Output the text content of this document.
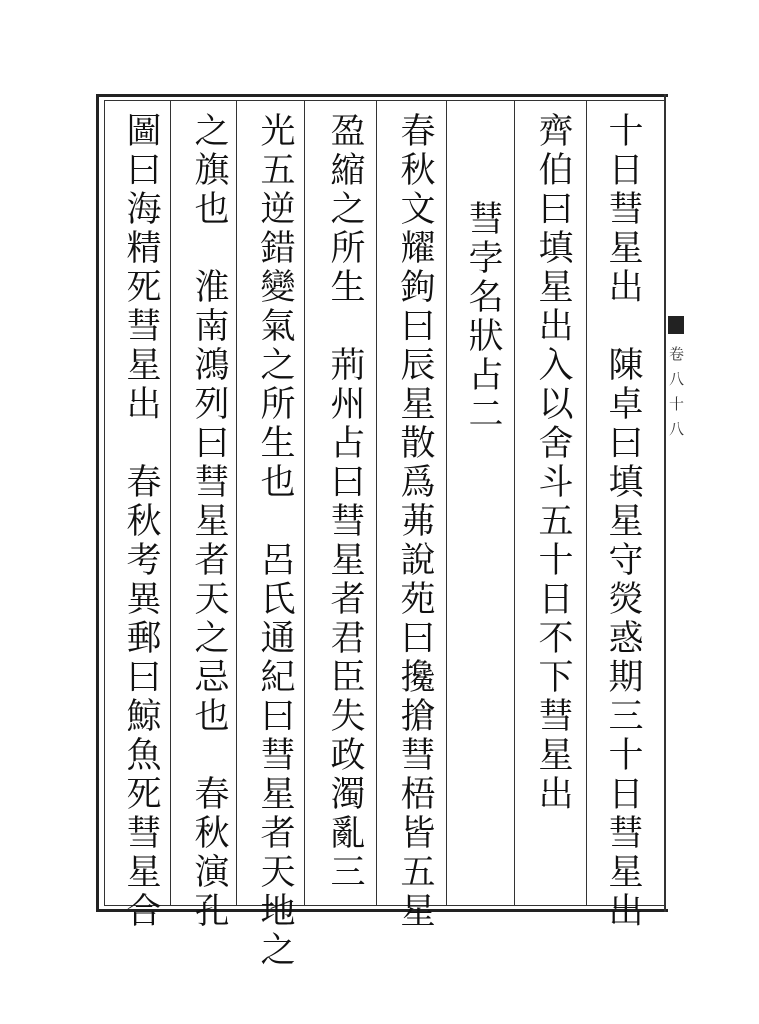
十日彗星出　陳卓曰填星守熒惑期三十日彗星出
齊伯曰填星出入以舍斗五十日不下彗星出
彗孛名狀占二
春秋文耀鉤曰辰星散爲茀說苑曰攙搶彗梧皆五星
盈縮之所生　荊州占曰彗星者君臣失政濁亂三
光五逆錯變氣之所生也　呂氏通紀曰彗星者天地之
之旗也　淮南鴻列曰彗星者天之忌也　春秋演孔
圖曰海精死彗星出　春秋考異郵曰鯨魚死彗星合	卷八十八
